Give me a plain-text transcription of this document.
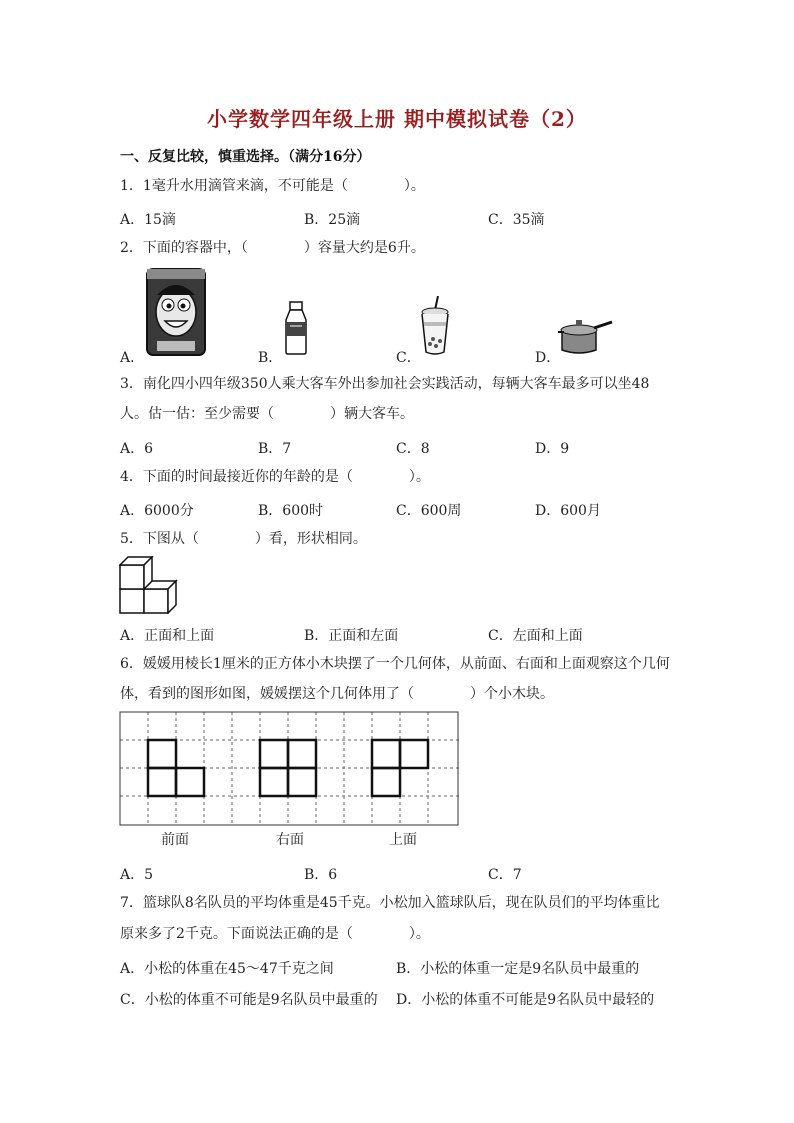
小学数学四年级上册 期中模拟试卷（2）
一、反复比较，慎重选择。（满分16分）
1．1毫升水用滴管来滴，不可能是（　　　　）。
A．15滴	B．25滴	C．35滴
2．下面的容器中，（　　　　）容量大约是6升。
A．	B．	C．	D．
3．南化四小四年级350人乘大客车外出参加社会实践活动，每辆大客车最多可以坐48
人。估一估：至少需要（　　　　）辆大客车。
A．6	B．7	C．8	D．9
4．下面的时间最接近你的年龄的是（　　　　）。
A．6000分	B．600时	C．600周	D．600月
5．下图从（　　　　）看，形状相同。
A．正面和上面	B．正面和左面	C．左面和上面
6．媛媛用棱长1厘米的正方体小木块摆了一个几何体，从前面、右面和上面观察这个几何
体，看到的图形如图，媛媛摆这个几何体用了（　　　　）个小木块。
前面	右面	上面
A．5	B．6	C．7
7．篮球队8名队员的平均体重是45千克。小松加入篮球队后，现在队员们的平均体重比
原来多了2千克。下面说法正确的是（　　　　）。
A．小松的体重在45～47千克之间	B．小松的体重一定是9名队员中最重的
C．小松的体重不可能是9名队员中最重的 D．小松的体重不可能是9名队员中最轻的
